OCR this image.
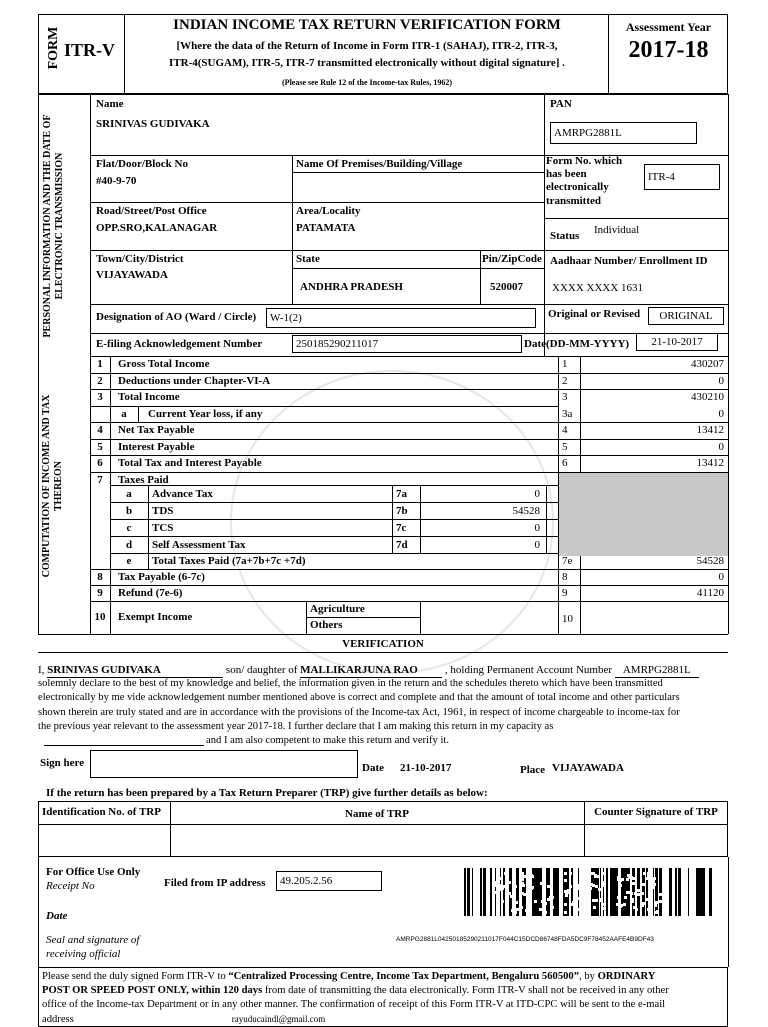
FORM ITR-V
INDIAN INCOME TAX RETURN VERIFICATION FORM
[Where the data of the Return of Income in Form ITR-1 (SAHAJ), ITR-2, ITR-3,
ITR-4(SUGAM), ITR-5, ITR-7 transmitted electronically without digital signature] .
(Please see Rule 12 of the Income-tax Rules, 1962)
Assessment Year
2017-18
PERSONAL INFORMATION AND THE DATE OF ELECTRONIC TRANSMISSION
Name
SRINIVAS GUDIVAKA
PAN
AMRPG2881L
Flat/Door/Block No
#40-9-70
Name Of Premises/Building/Village	Form No. which
has been
electronically
transmitted
ITR-4
Road/Street/Post Office
OPP.SRO,KALANAGAR
Area/Locality
PATAMATA
Status Individual
Town/City/District
VIJAYAWADA
State
ANDHRA PRADESH
Pin/ZipCode
520007
Aadhaar Number/ Enrollment ID
XXXX XXXX 1631
Designation of AO (Ward / Circle)	W-1(2)	Original or Revised	ORIGINAL
E-filing Acknowledgement Number	250185290211017	Date(DD-MM-YYYY)	21-10-2017
COMPUTATION OF INCOME AND TAX THEREON
1	Gross Total Income	1	430207
2	Deductions under Chapter-VI-A	2	0
3	Total Income	3	430210
a	Current Year loss, if any	3a	0
4	Net Tax Payable	4	13412
5	Interest Payable	5	0
6	Total Tax and Interest Payable	6	13412
7	Taxes Paid
a	Advance Tax	7a	0
b	TDS	7b	54528
c	TCS	7c	0
d	Self Assessment Tax	7d	0
e	Total Taxes Paid (7a+7b+7c +7d)	7e	54528
8	Tax Payable (6-7c)	8	0
9	Refund (7e-6)	9	41120
10	Exempt Income
Agriculture
Others	10
VERIFICATION
I, SRINIVAS GUDIVAKA	son/ daughter of MALLIKARJUNA RAO , holding Permanent Account Number AMRPG2881L
solemnly declare to the best of my knowledge and belief, the information given in the return and the schedules thereto which have been transmitted
electronically by me vide acknowledgement number mentioned above is correct and complete and that the amount of total income and other particulars
shown therein are truly stated and are in accordance with the provisions of the Income-tax Act, 1961, in respect of income chargeable to income-tax for
the previous year relevant to the assessment year 2017-18. I further declare that I am making this return in my capacity as
and I am also competent to make this return and verify it.
Sign here	Date 21-10-2017	Place VIJAYAWADA
If the return has been prepared by a Tax Return Preparer (TRP) give further details as below:
Identification No. of TRP	Name of TRP	Counter Signature of TRP
For Office Use Only
Receipt No	Filed from IP address	49.205.2.56
Date
Seal and signature of
receiving official
AMRPG2881L04250185290211017F044C15DCD86748FDA5DC9F78452AAFE4B9DF43
Please send the duly signed Form ITR-V to “Centralized Processing Centre, Income Tax Department, Bengaluru 560500”, by ORDINARY
POST OR SPEED POST ONLY, within 120 days from date of transmitting the data electronically. Form ITR-V shall not be received in any other
office of the Income-tax Department or in any other manner. The confirmation of receipt of this Form ITR-V at ITD-CPC will be sent to the e-mail
address	rayuducaindl@gmail.com
